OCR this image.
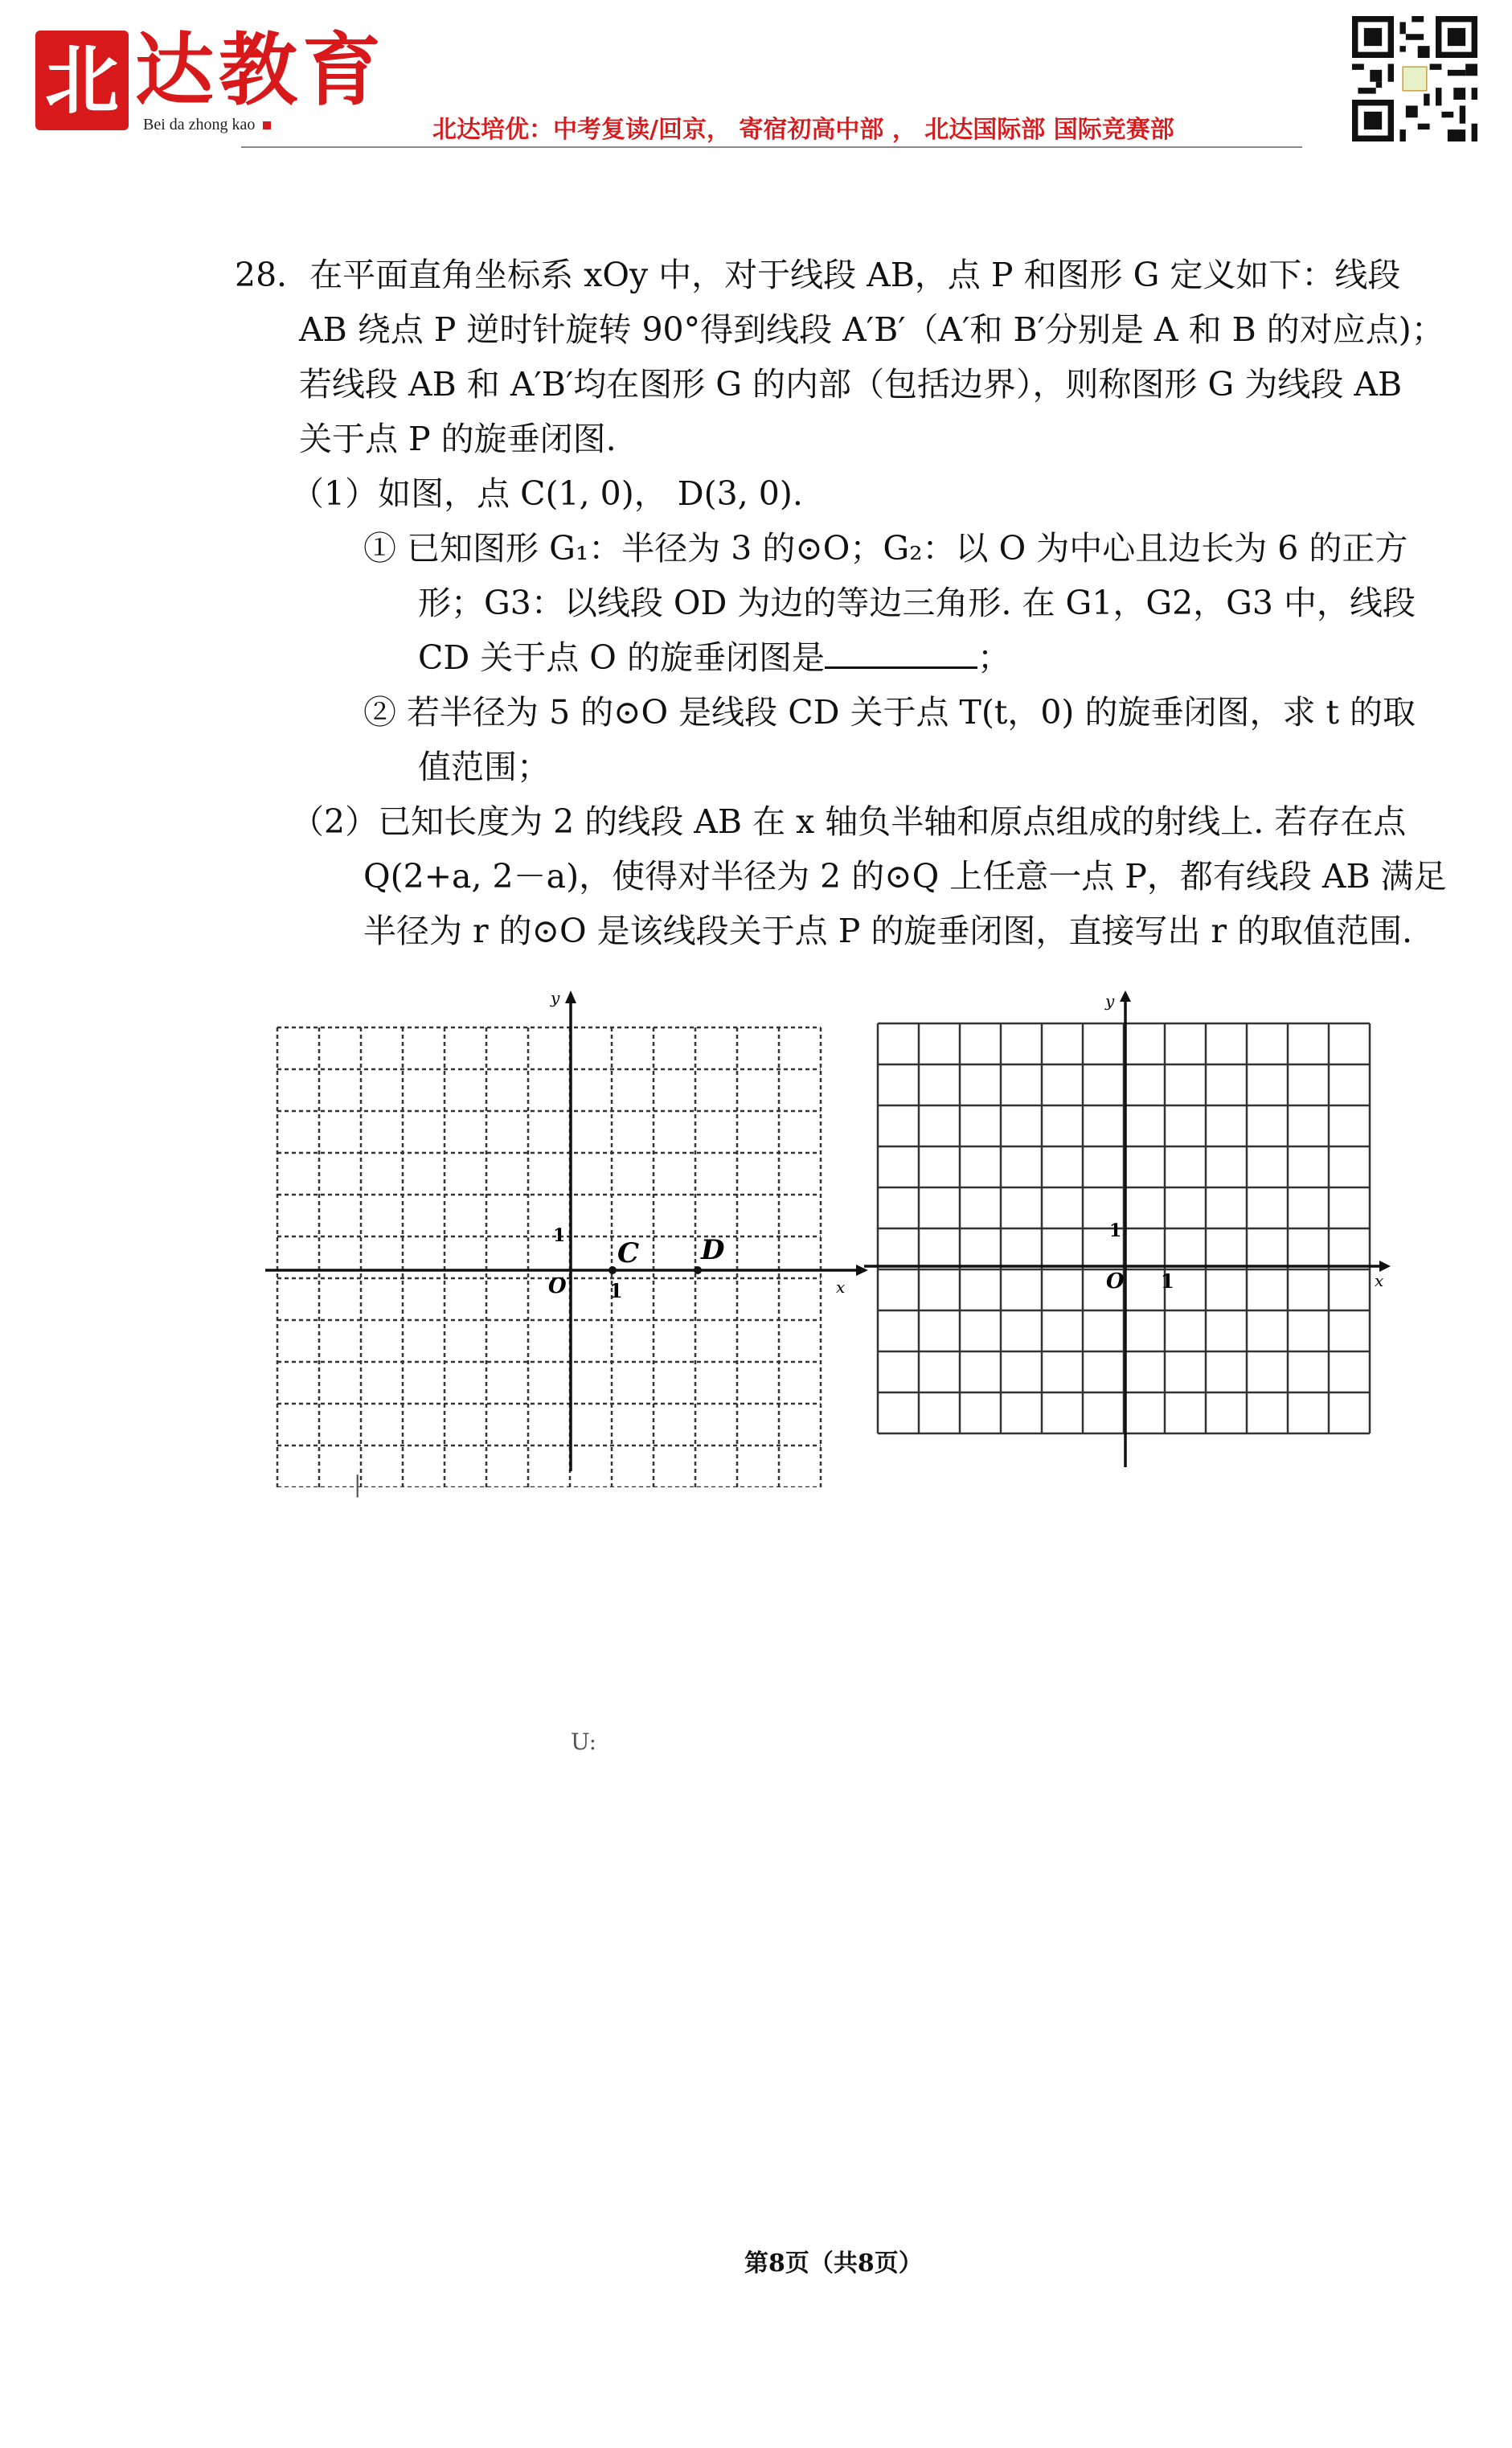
北 达教育
Bei da zhong kao	北达培优：中考复读/回京， 寄宿初高中部 ， 北达国际部 国际竞赛部
28．在平面直角坐标系 xOy 中，对于线段 AB，点 P 和图形 G 定义如下：线段
AB 绕点 P 逆时针旋转 90°得到线段 A′B′（A′和 B′分别是 A 和 B 的对应点)；
若线段 AB 和 A′B′均在图形 G 的内部（包括边界），则称图形 G 为线段 AB
关于点 P 的旋垂闭图.
（1）如图，点 C(1, 0)， D(3, 0).
① 已知图形 G₁：半径为 3 的⊙O；G₂：以 O 为中心且边长为 6 的正方
形；G3：以线段 OD 为边的等边三角形. 在 G1，G2，G3 中，线段
CD 关于点 O 的旋垂闭图是	；
② 若半径为 5 的⊙O 是线段 CD 关于点 T(t，0) 的旋垂闭图，求 t 的取
值范围；
（2）已知长度为 2 的线段 AB 在 x 轴负半轴和原点组成的射线上. 若存在点
Q(2+a, 2－a)，使得对半径为 2 的⊙Q 上任意一点 P，都有线段 AB 满足
半径为 r 的⊙O 是该线段关于点 P 的旋垂闭图，直接写出 r 的取值范围.
y
x
O 1
1
C D
y
x
O 1
1
|
U:
第8页（共8页）
